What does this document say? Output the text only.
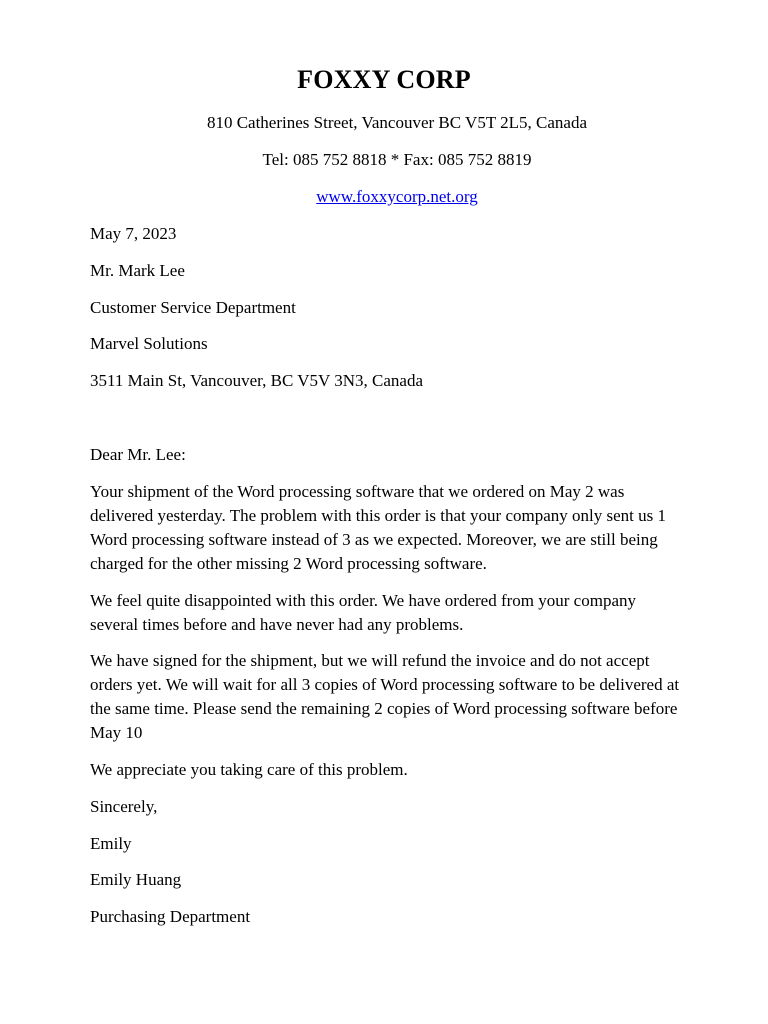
FOXXY CORP
810 Catherines Street, Vancouver BC V5T 2L5, Canada
Tel: 085 752 8818 * Fax: 085 752 8819
www.foxxycorp.net.org
May 7, 2023
Mr. Mark Lee
Customer Service Department
Marvel Solutions
3511 Main St, Vancouver, BC V5V 3N3, Canada
Dear Mr. Lee:
Your shipment of the Word processing software that we ordered on May 2 was
delivered yesterday. The problem with this order is that your company only sent us 1
Word processing software instead of 3 as we expected. Moreover, we are still being
charged for the other missing 2 Word processing software.
We feel quite disappointed with this order. We have ordered from your company
several times before and have never had any problems.
We have signed for the shipment, but we will refund the invoice and do not accept
orders yet. We will wait for all 3 copies of Word processing software to be delivered at
the same time. Please send the remaining 2 copies of Word processing software before
May 10
We appreciate you taking care of this problem.
Sincerely,
Emily
Emily Huang
Purchasing Department
